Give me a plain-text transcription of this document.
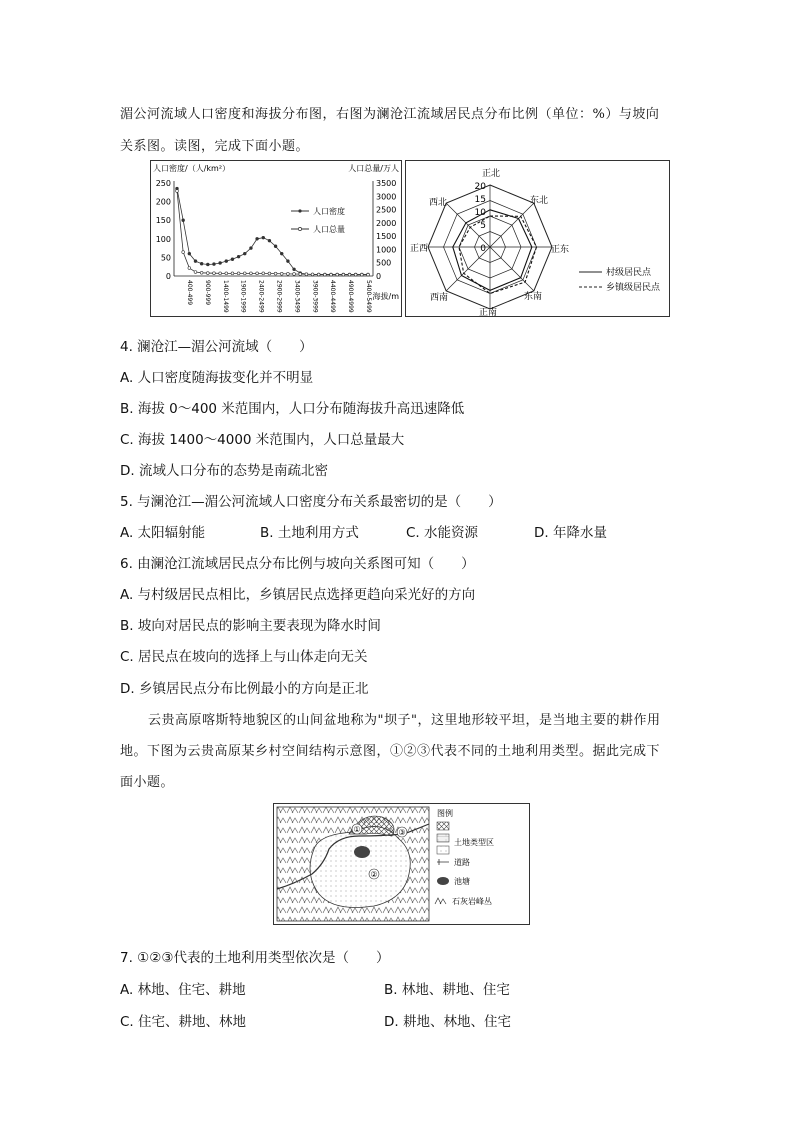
湄公河流域人口密度和海拔分布图，右图为澜沧江流域居民点分布比例（单位：%）与坡向
关系图。读图，完成下面小题。
人口密度/（人/km²）	人口总量/万人
250
200
150
100
50
0
3500
3000
2500
2000
1500
1000
500
0
400-499 900-999 1400-1499 1900-1999 2400-2499 2900-2999 3400-3499 3900-3999 4400-4499 4900-4999 5400-5499 海拔/m
人口密度
人口总量
正北
东北
正东
东南
正南
西南
正西
西北
20
15
10
5
0
村级居民点
乡镇级居民点
4. 澜沧江—湄公河流域（　　）
A. 人口密度随海拔变化并不明显
B. 海拔 0～400 米范围内，人口分布随海拔升高迅速降低
C. 海拔 1400～4000 米范围内，人口总量最大
D. 流域人口分布的态势是南疏北密
5. 与澜沧江—湄公河流域人口密度分布关系最密切的是（　　）
A. 太阳辐射能	B. 土地利用方式	C. 水能资源	D. 年降水量
6. 由澜沧江流域居民点分布比例与坡向关系图可知（　　）
A. 与村级居民点相比，乡镇居民点选择更趋向采光好的方向
B. 坡向对居民点的影响主要表现为降水时间
C. 居民点在坡向的选择上与山体走向无关
D. 乡镇居民点分布比例最小的方向是正北
云贵高原喀斯特地貌区的山间盆地称为"坝子"，这里地形较平坦，是当地主要的耕作用
地。下图为云贵高原某乡村空间结构示意图，①②③代表不同的土地利用类型。据此完成下
面小题。
①
②
③
图例
土地类型区
道路
池塘
石灰岩峰丛
7. ①②③代表的土地利用类型依次是（　　）
A. 林地、住宅、耕地	B. 林地、耕地、住宅
C. 住宅、耕地、林地	D. 耕地、林地、住宅
